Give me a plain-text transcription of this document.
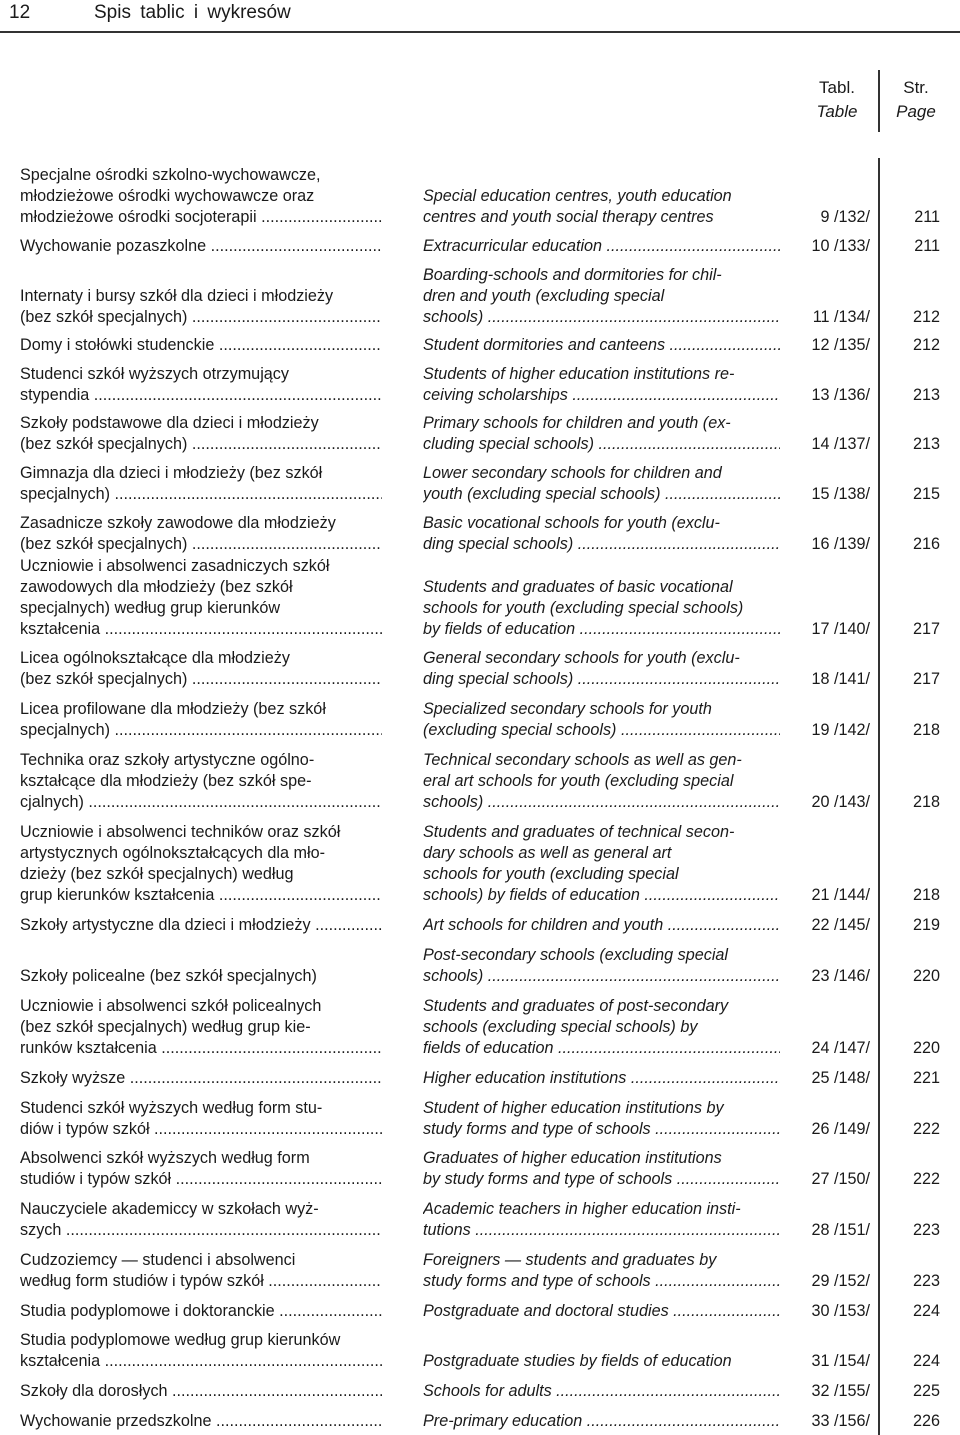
12	Spis tablic i wykresów
Tabl.
Table
Str.
Page
Specjalne ośrodki szkolno-wychowawcze,
młodzieżowe ośrodki wychowawcze oraz
młodzieżowe ośrodki socjoterapii .....
Special education centres, youth education
centres and youth social therapy centres	9 /132/	211
Wychowanie pozaszkolne .....	Extracurricular education .....	10 /133/	211
Internaty i bursy szkół dla dzieci i młodzieży
(bez szkół specjalnych) .....
Boarding-schools and dormitories for chil-
dren and youth (excluding special
schools) .....	11 /134/	212
Domy i stołówki studenckie .....	Student dormitories and canteens .....	12 /135/	212
Studenci szkół wyższych otrzymujący
stypendia .....
Students of higher education institutions re-
ceiving scholarships .....	13 /136/	213
Szkoły podstawowe dla dzieci i młodzieży
(bez szkół specjalnych) .....
Primary schools for children and youth (ex-
cluding special schools) .....	14 /137/	213
Gimnazja dla dzieci i młodzieży (bez szkół
specjalnych) .....
Lower secondary schools for children and
youth (excluding special schools) .....	15 /138/	215
Zasadnicze szkoły zawodowe dla młodzieży
(bez szkół specjalnych) .....
Basic vocational schools for youth (exclu-
ding special schools) .....	16 /139/	216
Uczniowie i absolwenci zasadniczych szkół
zawodowych dla młodzieży (bez szkół
specjalnych) według grup kierunków
kształcenia .....
Students and graduates of basic vocational
schools for youth (excluding special schools)
by fields of education .....	17 /140/	217
Licea ogólnokształcące dla młodzieży
(bez szkół specjalnych) .....
General secondary schools for youth (exclu-
ding special schools) .....	18 /141/	217
Licea profilowane dla młodzieży (bez szkół
specjalnych) .....
Specialized secondary schools for youth
(excluding special schools) .....	19 /142/	218
Technika oraz szkoły artystyczne ogólno-
kształcące dla młodzieży (bez szkół spe-
cjalnych) .....
Technical secondary schools as well as gen-
eral art schools for youth (excluding special
schools) .....	20 /143/	218
Uczniowie i absolwenci techników oraz szkół
artystycznych ogólnokształcących dla mło-
dzieży (bez szkół specjalnych) według
grup kierunków kształcenia .....
Students and graduates of technical secon-
dary schools as well as general art
schools for youth (excluding special
schools) by fields of education .....	21 /144/	218
Szkoły artystyczne dla dzieci i młodzieży .....	Art schools for children and youth .....	22 /145/	219
Szkoły policealne (bez szkół specjalnych)
Post-secondary schools (excluding special
schools) .....	23 /146/	220
Uczniowie i absolwenci szkół policealnych
(bez szkół specjalnych) według grup kie-
runków kształcenia .....
Students and graduates of post-secondary
schools (excluding special schools) by
fields of education .....	24 /147/	220
Szkoły wyższe .....	Higher education institutions .....	25 /148/	221
Studenci szkół wyższych według form stu-
diów i typów szkół .....
Student of higher education institutions by
study forms and type of schools .....	26 /149/	222
Absolwenci szkół wyższych według form
studiów i typów szkół .....
Graduates of higher education institutions
by study forms and type of schools .....	27 /150/	222
Nauczyciele akademiccy w szkołach wyż-
szych .....
Academic teachers in higher education insti-
tutions .....	28 /151/	223
Cudzoziemcy — studenci i absolwenci
według form studiów i typów szkół .....
Foreigners — students and graduates by
study forms and type of schools .....	29 /152/	223
Studia podyplomowe i doktoranckie .....	Postgraduate and doctoral studies .....	30 /153/	224
Studia podyplomowe według grup kierunków
kształcenia .....	Postgraduate studies by fields of education	31 /154/	224
Szkoły dla dorosłych .....	Schools for adults .....	32 /155/	225
Wychowanie przedszkolne .....	Pre-primary education .....	33 /156/	226
